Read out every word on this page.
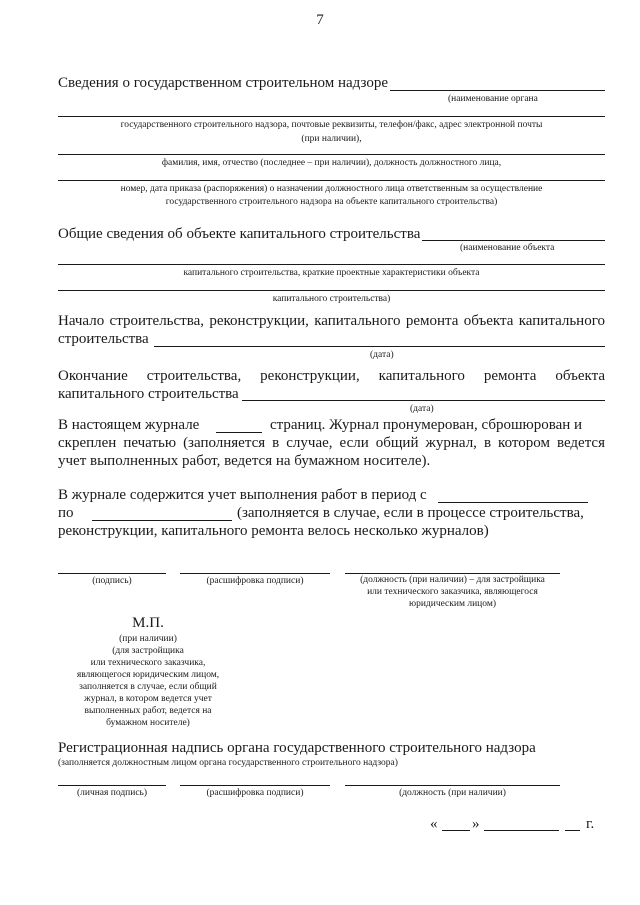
7
Сведения о государственном строительном надзоре
(наименование органа
государственного строительного надзора, почтовые реквизиты, телефон/факс, адрес электронной почты
(при наличии),
фамилия, имя, отчество (последнее – при наличии), должность должностного лица,
номер, дата приказа (распоряжения) о назначении должностного лица ответственным за осуществление
государственного строительного надзора на объекте капитального строительства)
Общие сведения об объекте капитального строительства
(наименование объекта
капитального строительства, краткие проектные характеристики объекта
капитального строительства)
Начало строительства, реконструкции, капитального ремонта объекта капитального
строительства
(дата)
Окончание строительства, реконструкции, капитального ремонта объекта
капитального строительства
(дата)
В настоящем журнале	страниц. Журнал пронумерован, сброшюрован и
скреплен печатью (заполняется в случае, если общий журнал, в котором ведется
учет выполненных работ, ведется на бумажном носителе).
В журнале содержится учет выполнения работ в период с
по	(заполняется в случае, если в процессе строительства,
реконструкции, капитального ремонта велось несколько журналов)
(подпись)	(расшифровка подписи)	(должность (при наличии) – для застройщика
или технического заказчика, являющегося
юридическим лицом)
М.П.
(при наличии)
(для застройщика
или технического заказчика,
являющегося юридическим лицом,
заполняется в случае, если общий
журнал, в котором ведется учет
выполненных работ, ведется на
бумажном носителе)
Регистрационная надпись органа государственного строительного надзора
(заполняется должностным лицом органа государственного строительного надзора)
(личная подпись)	(расшифровка подписи)	(должность (при наличии)
« »	г.
